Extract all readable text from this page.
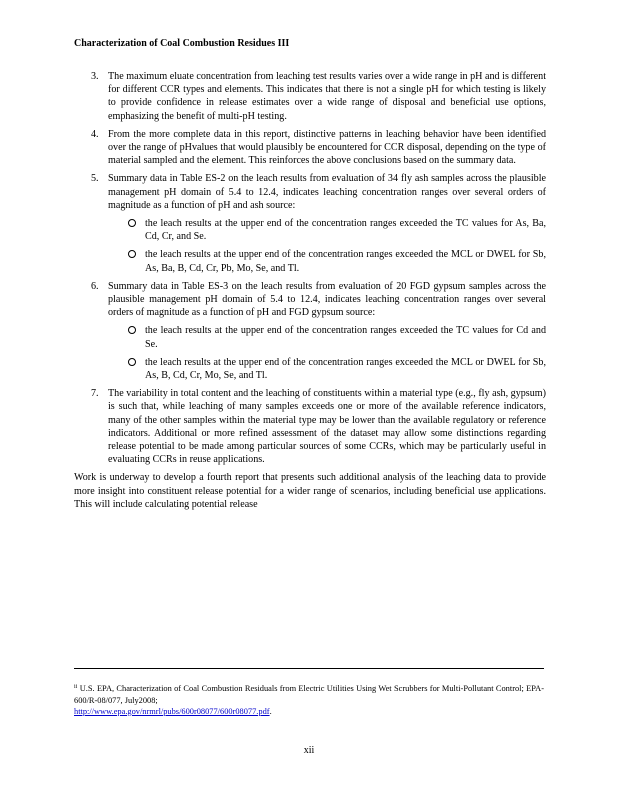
Characterization of Coal Combustion Residues III
3. The maximum eluate concentration from leaching test results varies over a wide range in pH and is different for different CCR types and elements. This indicates that there is not a single pH for which testing is likely to provide confidence in release estimates over a wide range of disposal and beneficial use options, emphasizing the benefit of multi-pH testing.
4. From the more complete data in this report, distinctive patterns in leaching behavior have been identified over the range of pHvalues that would plausibly be encountered for CCR disposal, depending on the type of material sampled and the element. This reinforces the above conclusions based on the summary data.
5. Summary data in Table ES-2 on the leach results from evaluation of 34 fly ash samples across the plausible management pH domain of 5.4 to 12.4, indicates leaching concentration ranges over several orders of magnitude as a function of pH and ash source:
the leach results at the upper end of the concentration ranges exceeded the TC values for As, Ba, Cd, Cr, and Se.
the leach results at the upper end of the concentration ranges exceeded the MCL or DWEL for Sb, As, Ba, B, Cd, Cr, Pb, Mo, Se, and Tl.
6. Summary data in Table ES-3 on the leach results from evaluation of 20 FGD gypsum samples across the plausible management pH domain of 5.4 to 12.4, indicates leaching concentration ranges over several orders of magnitude as a function of pH and FGD gypsum source:
the leach results at the upper end of the concentration ranges exceeded the TC values for Cd and Se.
the leach results at the upper end of the concentration ranges exceeded the MCL or DWEL for Sb, As, B, Cd, Cr, Mo, Se, and Tl.
7. The variability in total content and the leaching of constituents within a material type (e.g., fly ash, gypsum) is such that, while leaching of many samples exceeds one or more of the available reference indicators, many of the other samples within the material type may be lower than the available regulatory or reference indicators. Additional or more refined assessment of the dataset may allow some distinctions regarding release potential to be made among particular sources of some CCRs, which may be particularly useful in evaluating CCRs in reuse applications.

Work is underway to develop a fourth report that presents such additional analysis of the leaching data to provide more insight into constituent release potential for a wider range of scenarios, including beneficial use applications. This will include calculating potential release

$^{ii}$ U.S. EPA, Characterization of Coal Combustion Residuals from Electric Utilities Using Wet Scrubbers for Multi-Pollutant Control; EPA-600/R-08/077, July2008;
http://www.epa.gov/nrmrl/pubs/600r08077/600r08077.pdf.
xii
